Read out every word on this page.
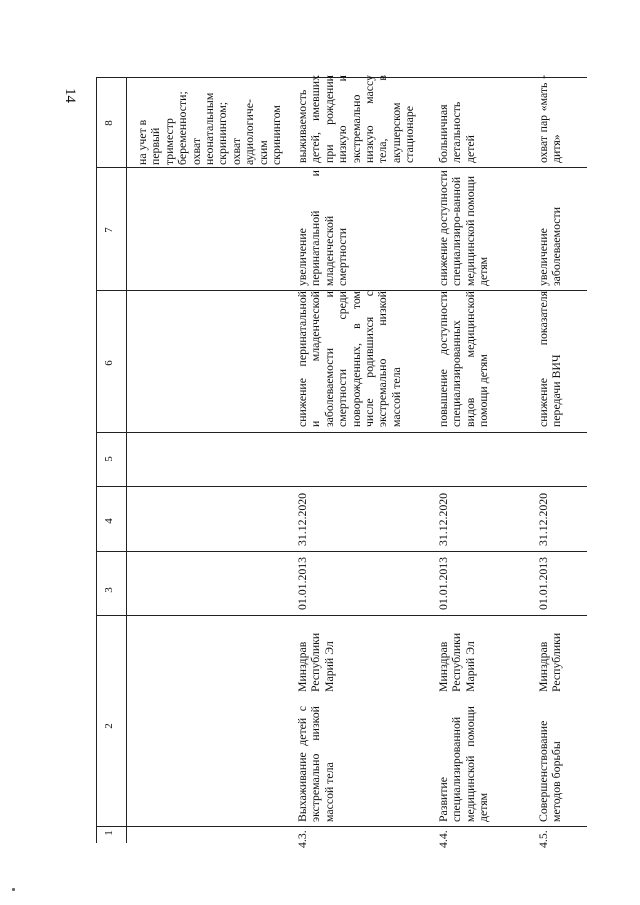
14
1
2
3
4
5
6
7
8
на учет в первый
триместр
беременности;
охват
неонатальным
скринингом;
охват
аудиологиче-
ским
скринингом
4.3.
Выхаживание детей с экстремально низкой массой тела
Минздрав
Республики
Марий Эл
01.01.2013
31.12.2020
снижение перинатальной и младенческой заболеваемости и смертности среди новорожденных, в том числе родившихся с экстремально низкой массой тела
увеличение перинатальной и младенческой смертности
выживаемость детей, имевших при рождении низкую и экстремально низкую массу тела, в акушерском стационаре
4.4.
Развитие специализированной медицинской помощи детям
Минздрав
Республики
Марий Эл
01.01.2013
31.12.2020
повышение доступности специализированных видов медицинской помощи детям
снижение доступности специализиро-ванной медицинской помощи детям
больничная летальность детей
4.5.
Совершенствование методов борьбы
Минздрав
Республики
01.01.2013
31.12.2020
снижение показателя передачи ВИЧ
увеличение заболеваемости
охват пар «мать - дитя»
